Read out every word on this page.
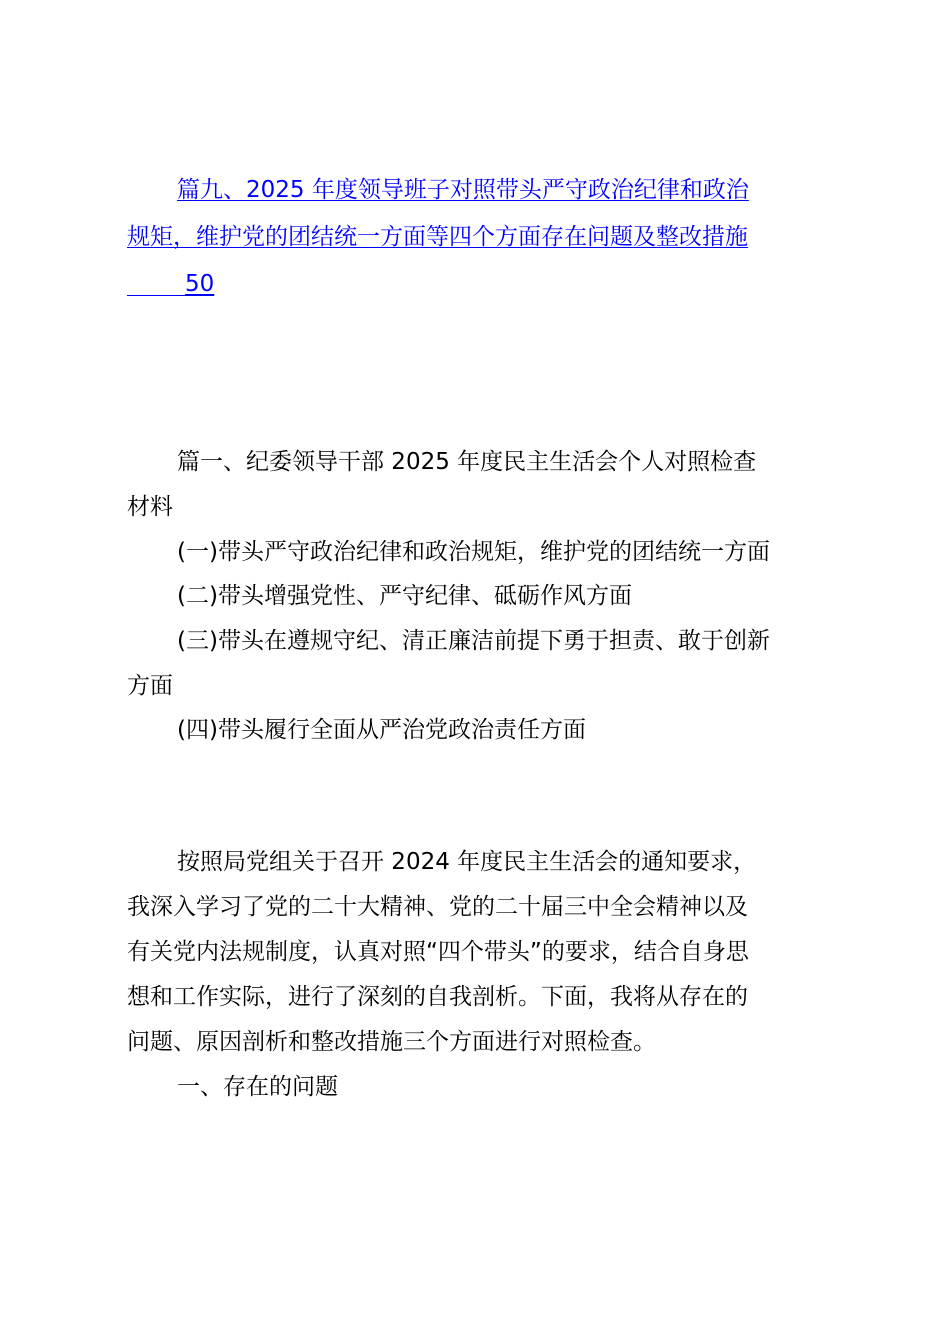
篇九、2025 年度领导班子对照带头严守政治纪律和政治
规矩，维护党的团结统一方面等四个方面存在问题及整改措施
50
篇一、纪委领导干部 2025 年度民主生活会个人对照检查
材料
(一)带头严守政治纪律和政治规矩，维护党的团结统一方面
(二)带头增强党性、严守纪律、砥砺作风方面
(三)带头在遵规守纪、清正廉洁前提下勇于担责、敢于创新
方面
(四)带头履行全面从严治党政治责任方面
按照局党组关于召开 2024 年度民主生活会的通知要求，
我深入学习了党的二十大精神、党的二十届三中全会精神以及
有关党内法规制度，认真对照“四个带头”的要求，结合自身思
想和工作实际，进行了深刻的自我剖析。下面，我将从存在的
问题、原因剖析和整改措施三个方面进行对照检查。
一、存在的问题
